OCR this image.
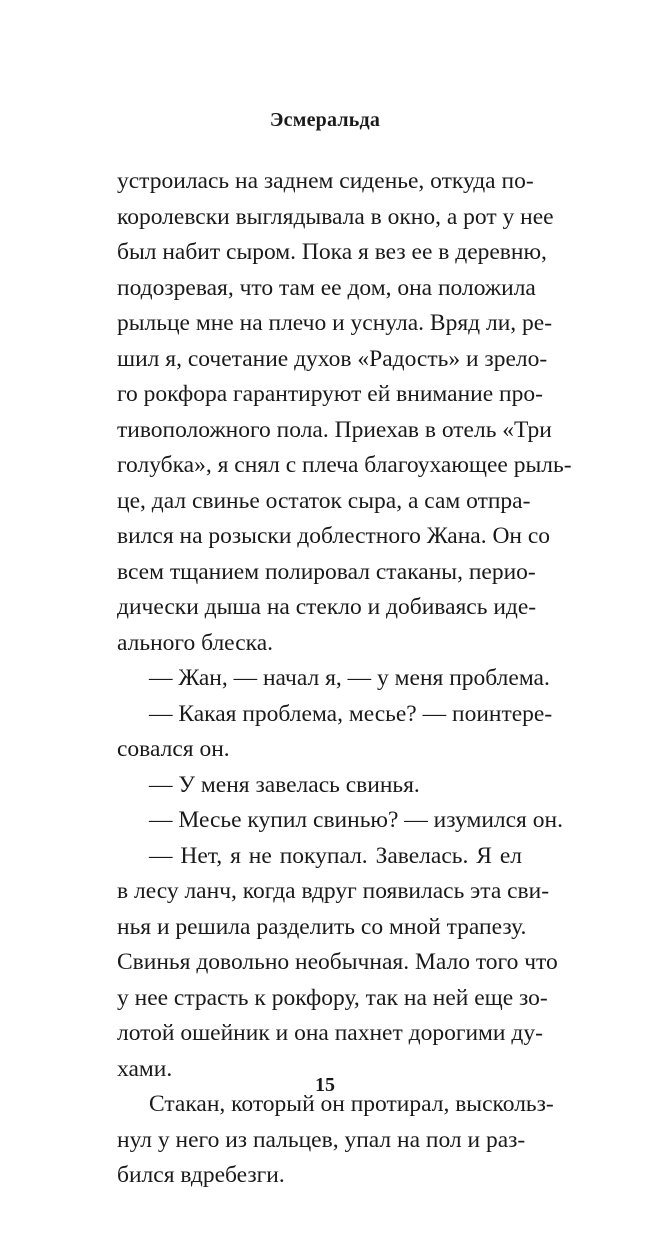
Эсмеральда
устроилась на заднем сиденье, откуда по-
королевски выглядывала в окно, а рот у нее
был набит сыром. Пока я вез ее в деревню,
подозревая, что там ее дом, она положила
рыльце мне на плечо и уснула. Вряд ли, ре-
шил я, сочетание духов «Радость» и зрело-
го рокфора гарантируют ей внимание про-
тивоположного пола. Приехав в отель «Три
голубка», я снял с плеча благоухающее рыль-
це, дал свинье остаток сыра, а сам отпра-
вился на розыски доблестного Жана. Он со
всем тщанием полировал стаканы, перио-
дически дыша на стекло и добиваясь иде-
ального блеска.
— Жан, — начал я, — у меня проблема.
— Какая проблема, месье? — поинтере-
совался он.
— У меня завелась свинья.
— Месье купил свинью? — изумился он.
— Нет, я не покупал. Завелась. Я ел
в лесу ланч, когда вдруг появилась эта сви-
нья и решила разделить со мной трапезу.
Свинья довольно необычная. Мало того что
у нее страсть к рокфору, так на ней еще зо-
лотой ошейник и она пахнет дорогими ду-
хами.
Стакан, который он протирал, выскольз-
нул у него из пальцев, упал на пол и раз-
бился вдребезги.
15
